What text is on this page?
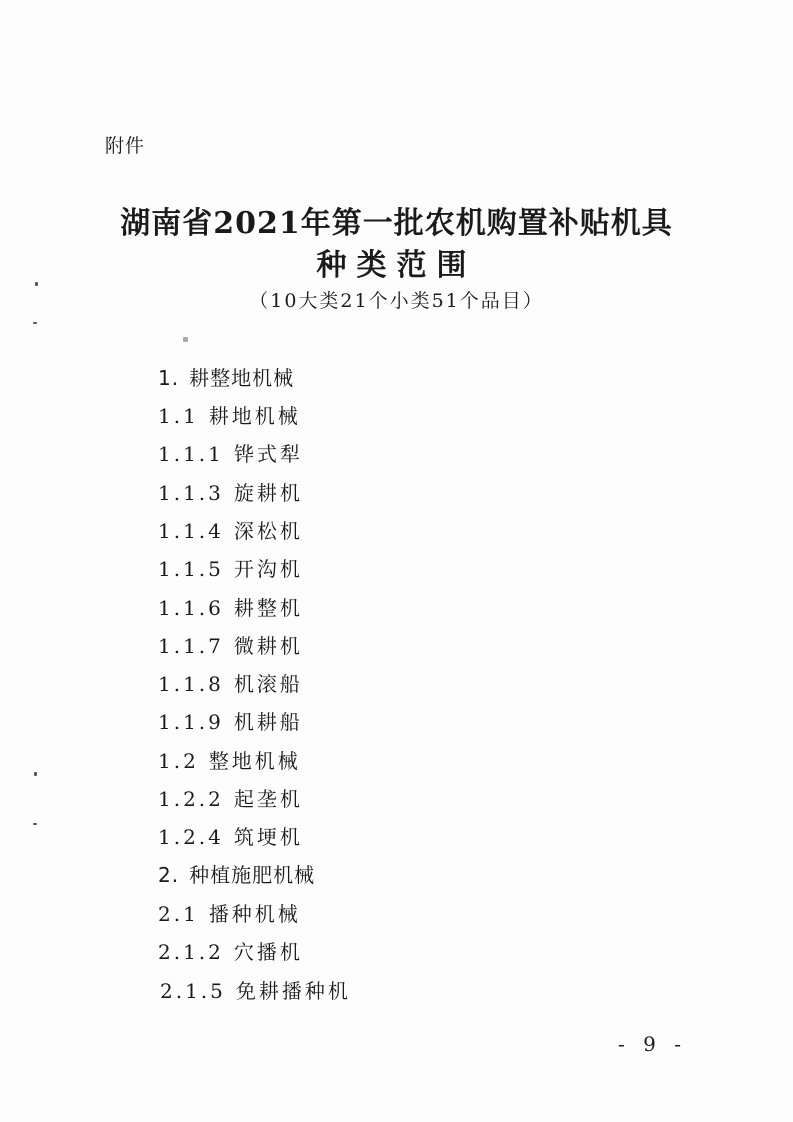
附件
湖南省2021年第一批农机购置补贴机具
种类范围
（10大类21个小类51个品目）
1. 耕整地机械
1.1 耕地机械
1.1.1 铧式犁
1.1.3 旋耕机
1.1.4 深松机
1.1.5 开沟机
1.1.6 耕整机
1.1.7 微耕机
1.1.8 机滚船
1.1.9 机耕船
1.2 整地机械
1.2.2 起垄机
1.2.4 筑埂机
2. 种植施肥机械
2.1 播种机械
2.1.2 穴播机
2.1.5 免耕播种机
- 9 -
